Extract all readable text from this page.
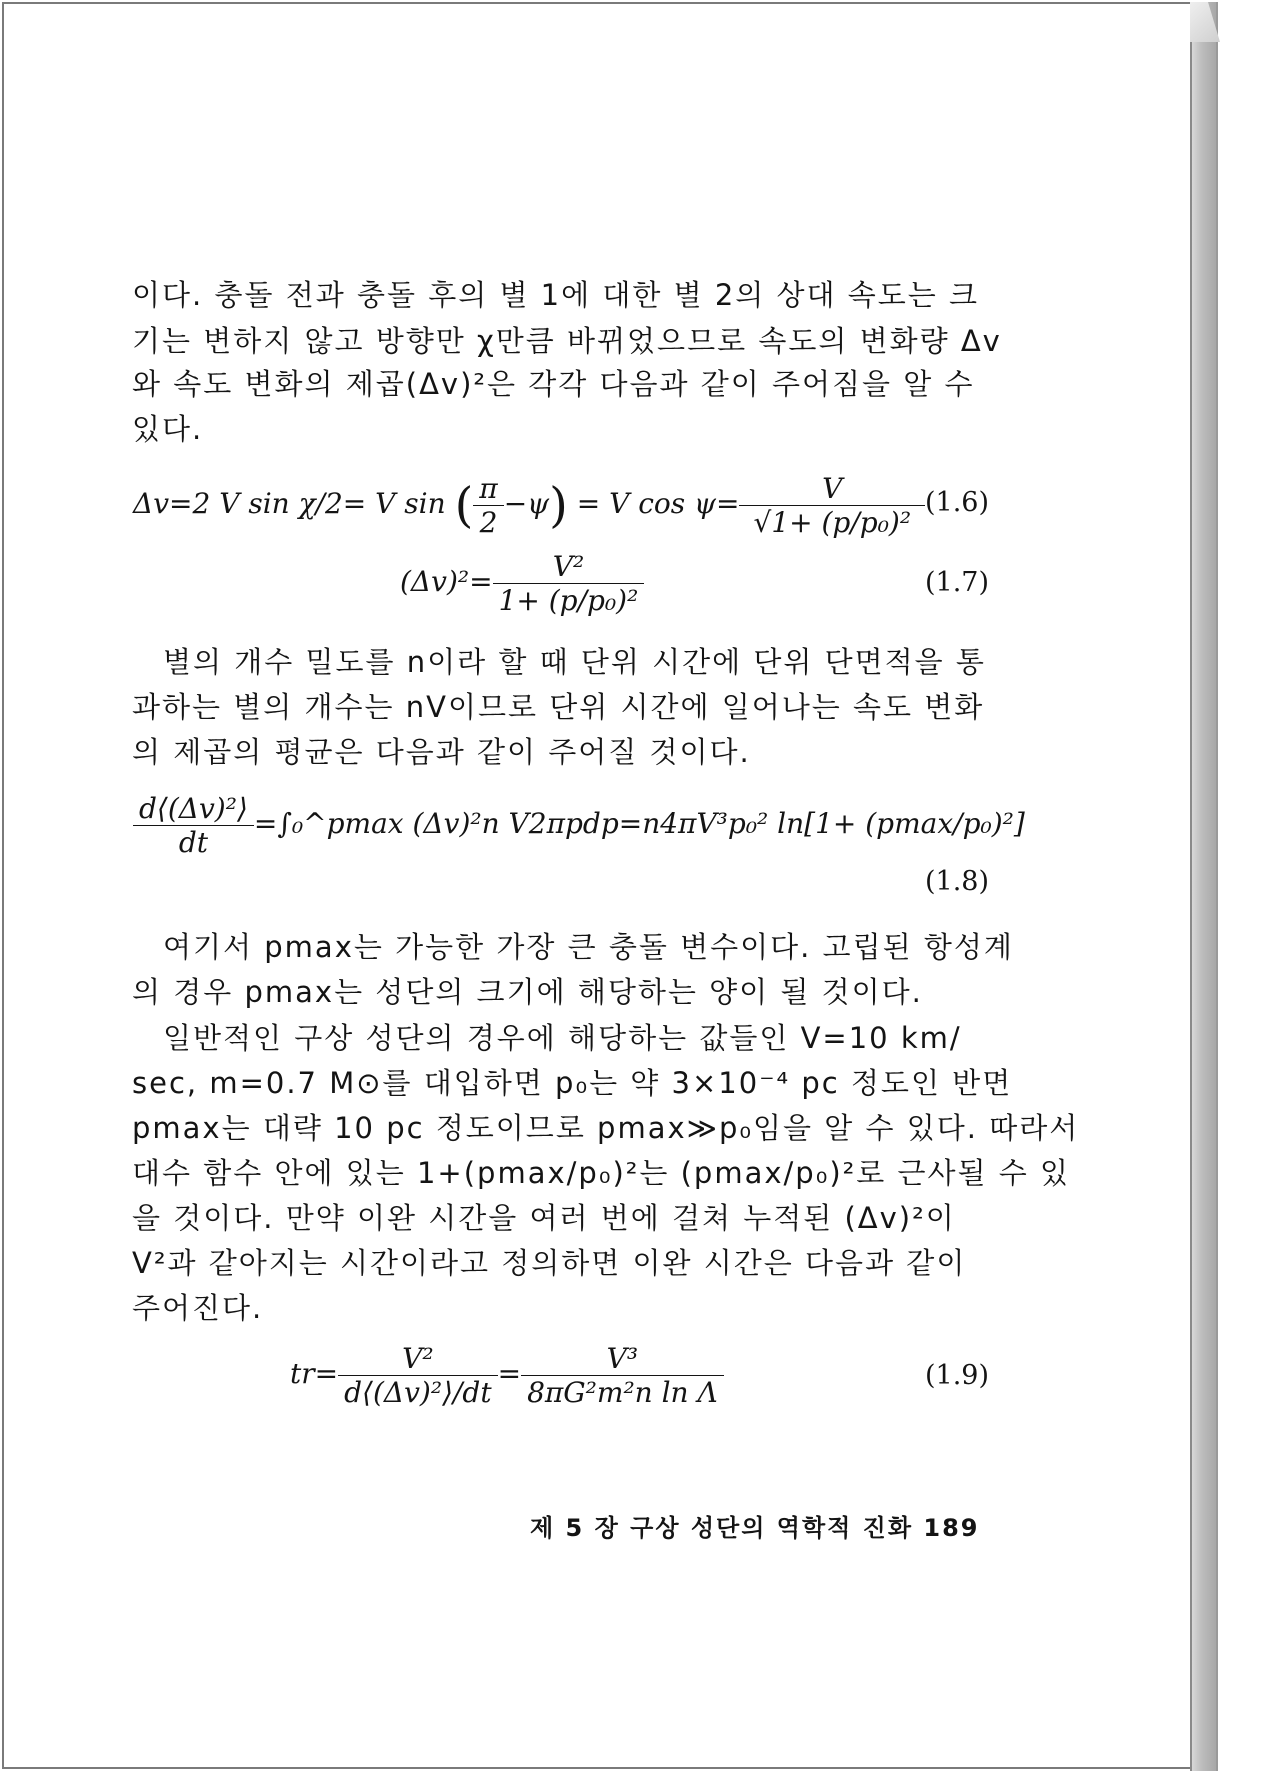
이다. 충돌 전과 충돌 후의 별 1에 대한 별 2의 상대 속도는 크
기는 변하지 않고 방향만 χ만큼 바뀌었으므로 속도의 변화량 Δv
와 속도 변화의 제곱(Δv)²은 각각 다음과 같이 주어짐을 알 수
있다.
Δv=2 V sin χ/2= V sin ( $\frac{\pi}{2} -\psi) = V$ $\cos \psi= \frac{V}{\text{√1+ (p/p₀)²}} (1.6)$
$(\Delta v)^2= \frac{\text{V²}}{\text{1+ (p/p₀)²}}$	(1.7)
별의 개수 밀도를 n이라 할 때 단위 시간에 단위 단면적을 통
과하는 별의 개수는 nV이므로 단위 시간에 일어나는 속도 변화
의 제곱의 평균은 다음과 같이 주어질 것이다.
$\frac{\text{d⟨(Δv)²⟩}}{dt}$ =∫₀^pmax (Δv)²n V2πpdp=n4πV³p₀² ln[1+ (pmax/p₀)²]
(1.8)
여기서 pmax는 가능한 가장 큰 충돌 변수이다. 고립된 항성계
의 경우 pmax는 성단의 크기에 해당하는 양이 될 것이다.
일반적인 구상 성단의 경우에 해당하는 값들인 V=10 km/
sec, m=0.7 M⊙를 대입하면 p₀는 약 3×10⁻⁴ pc 정도인 반면
pmax는 대략 10 pc 정도이므로 pmax≫p₀임을 알 수 있다. 따라서
대수 함수 안에 있는 1+(pmax/p₀)²는 (pmax/p₀)²로 근사될 수 있
을 것이다. 만약 이완 시간을 여러 번에 걸쳐 누적된 (Δv)²이
V²과 같아지는 시간이라고 정의하면 이완 시간은 다음과 같이
주어진다.
$tr= \frac{\text{V²}}{\text{d⟨(Δv)²⟩/dt}} = \frac{\text{V³}}{\text{8πG²m²n ln Λ}}$	(1.9)
제 5 장 구상 성단의 역학적 진화 189
